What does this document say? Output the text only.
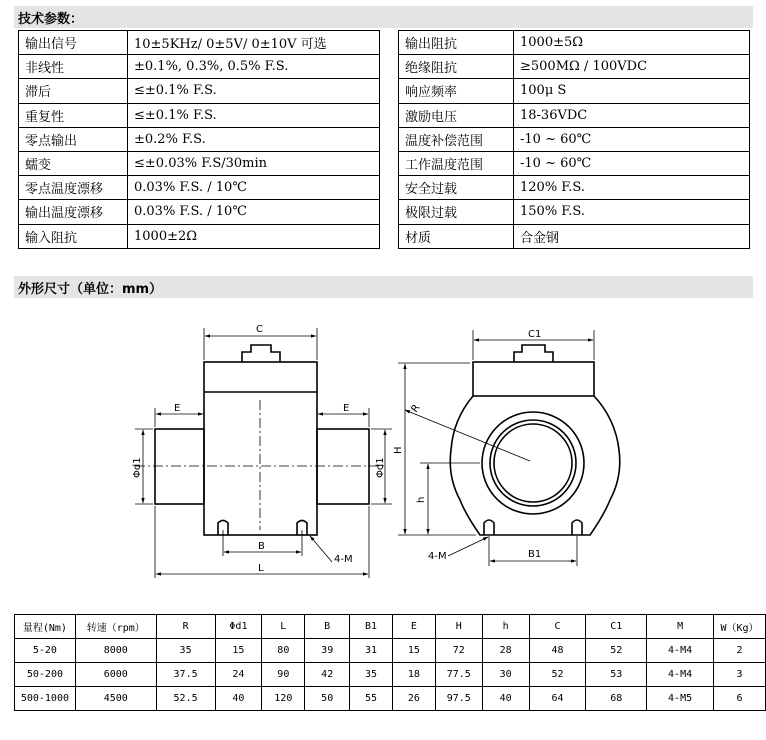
技术参数：
外形尺寸（单位：mm）
输出信号	10±5KHz/ 0±5V/ 0±10V 可选
非线性	±0.1%, 0.3%, 0.5% F.S.
滞后	≤±0.1% F.S.
重复性	≤±0.1% F.S.
零点输出	±0.2% F.S.
蠕变	≤±0.03% F.S/30min
零点温度漂移	0.03% F.S. / 10℃
输出温度漂移	0.03% F.S. / 10℃
输入阻抗	1000±2Ω
输出阻抗	1000±5Ω
绝缘阻抗	≥500MΩ / 100VDC
响应频率	100μ S
激励电压	18-36VDC
温度补偿范围	-10 ~ 60℃
工作温度范围	-10 ~ 60℃
安全过载	120% F.S.
极限过载	150% F.S.
材质	合金钢
C	C1
E	E
Φd1	Φd1
B
L
4-M
R
H
h
B1
4-M
量程(Nm)	转速（rpm）	R	Φd1	L	B	B1	E	H	h	C	C1	M	W（Kg）
5-20	8000	35	15	80	39	31	15	72	28	48	52	4-M4	2
50-200	6000	37.5	24	90	42	35	18	77.5	30	52	53	4-M4	3
500-1000	4500	52.5	40	120	50	55	26	97.5	40	64	68	4-M5	6
